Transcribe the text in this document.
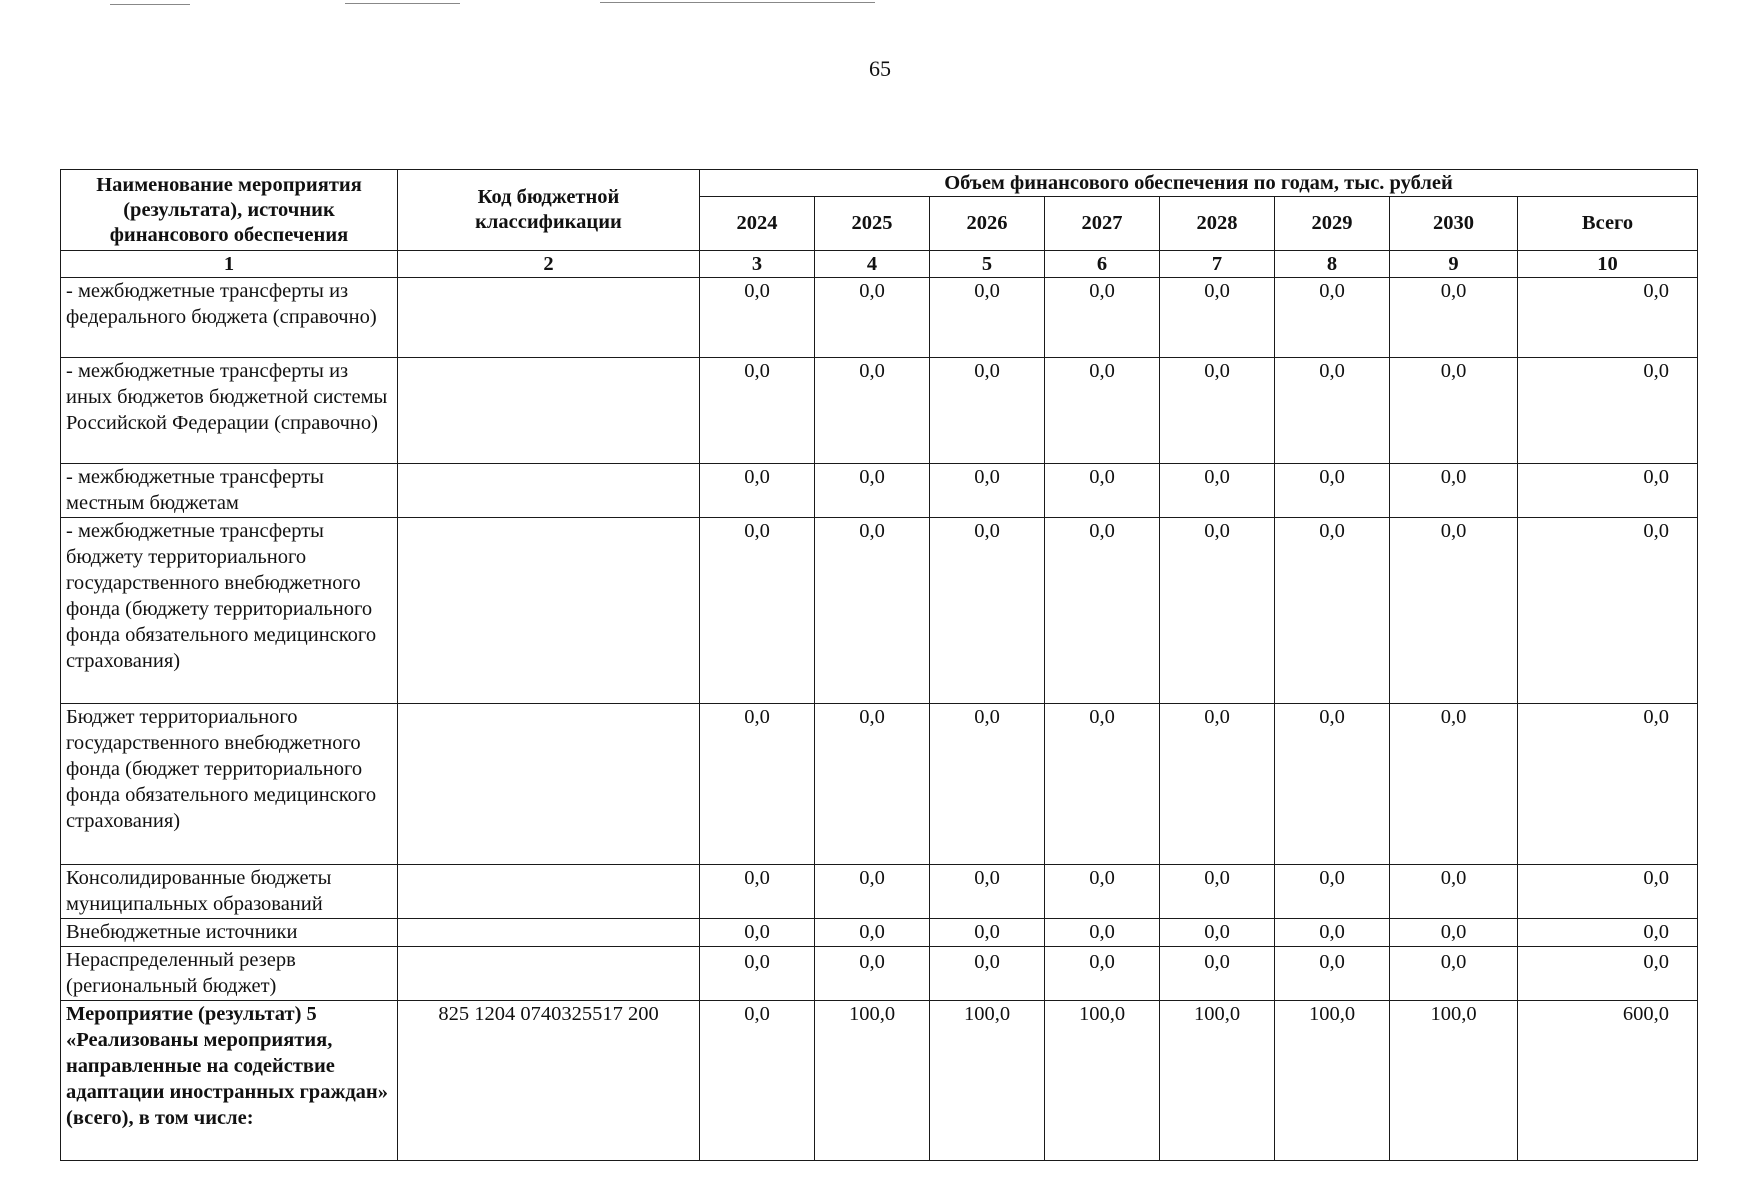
65
Наименование мероприятия (результата), источник финансового обеспечения	Код бюджетной классификации	Объем финансового обеспечения по годам, тыс. рублей							
		2024	2025	2026	2027	2028	2029	2030	Всего
1	2	3	4	5	6	7	8	9	10
- межбюджетные трансферты из федерального бюджета (справочно)		0,0	0,0	0,0	0,0	0,0	0,0	0,0	0,0
- межбюджетные трансферты из иных бюджетов бюджетной системы Российской Федерации (справочно)		0,0	0,0	0,0	0,0	0,0	0,0	0,0	0,0
- межбюджетные трансферты местным бюджетам		0,0	0,0	0,0	0,0	0,0	0,0	0,0	0,0
- межбюджетные трансферты бюджету территориального государственного внебюджетного фонда (бюджету территориального фонда обязательного медицинского страхования)		0,0	0,0	0,0	0,0	0,0	0,0	0,0	0,0
Бюджет территориального государственного внебюджетного фонда (бюджет территориального фонда обязательного медицинского страхования)		0,0	0,0	0,0	0,0	0,0	0,0	0,0	0,0
Консолидированные бюджеты муниципальных образований		0,0	0,0	0,0	0,0	0,0	0,0	0,0	0,0
Внебюджетные источники		0,0	0,0	0,0	0,0	0,0	0,0	0,0	0,0
Нераспределенный резерв (региональный бюджет)		0,0	0,0	0,0	0,0	0,0	0,0	0,0	0,0
Мероприятие (результат) 5 «Реализованы мероприятия, направленные на содействие адаптации иностранных граждан» (всего), в том числе:	825 1204 0740325517 200	0,0	100,0	100,0	100,0	100,0	100,0	100,0	600,0
